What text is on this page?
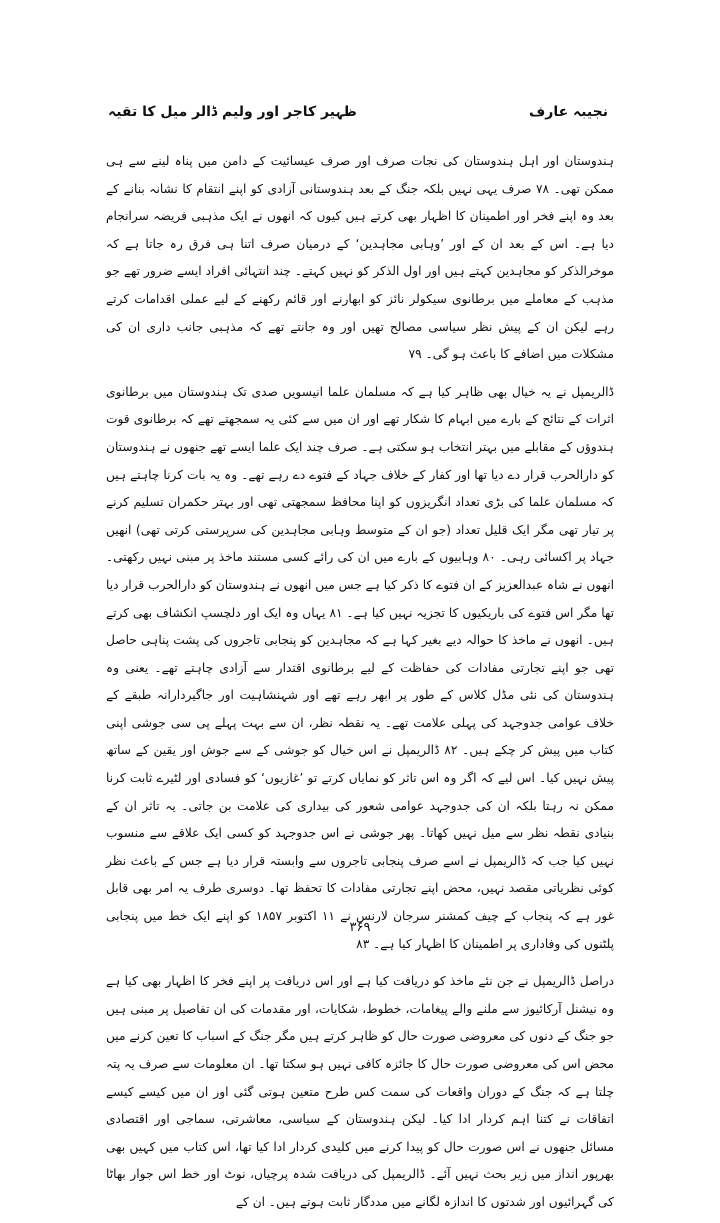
ظہیر کاجر اور ولیم ڈالر میل کا تقیہ	نجیبہ عارف

ہندوستان اور اہل ہندوستان کی نجات صرف اور صرف عیسائیت کے دامن میں پناہ لینے سے ہی ممکن تھی۔ ۷۸ صرف یہی نہیں بلکہ جنگ کے بعد ہندوستانی آزادی کو اپنے انتقام کا نشانہ بنانے کے بعد وہ اپنے فخر اور اطمینان کا اظہار بھی کرتے ہیں کیوں کہ انھوں نے ایک مذہبی فریضہ سرانجام دیا ہے۔ اس کے بعد ان کے اور ’وہابی مجاہدین‘ کے درمیان صرف اتنا ہی فرق رہ جاتا ہے کہ موخرالذکر کو مجاہدین کہتے ہیں اور اول الذکر کو نہیں کہتے۔ چند انتہائی افراد ایسے ضرور تھے جو مذہب کے معاملے میں برطانوی سیکولر نائز کو ابھارنے اور قائم رکھنے کے لیے عملی اقدامات کرتے رہے لیکن ان کے پیش نظر سیاسی مصالح تھیں اور وہ جانتے تھے کہ مذہبی جانب داری ان کی مشکلات میں اضافے کا باعث ہو گی۔ ۷۹

ڈالریمپل نے یہ خیال بھی ظاہر کیا ہے کہ مسلمان علما انیسویں صدی تک ہندوستان میں برطانوی اثرات کے نتائج کے بارے میں ابہام کا شکار تھے اور ان میں سے کئی یہ سمجھتے تھے کہ برطانوی قوت ہندوؤں کے مقابلے میں بہتر انتخاب ہو سکتی ہے۔ صرف چند ایک علما ایسے تھے جنھوں نے ہندوستان کو دارالحرب قرار دے دیا تھا اور کفار کے خلاف جہاد کے فتوے دے رہے تھے۔ وہ یہ بات کرنا چاہتے ہیں کہ مسلمان علما کی بڑی تعداد انگریزوں کو اپنا محافظ سمجھتی تھی اور بہتر حکمران تسلیم کرنے پر تیار تھی مگر ایک قلیل تعداد (جو ان کے متوسط وہابی مجاہدین کی سرپرستی کرتی تھی) انھیں جہاد پر اکسائی رہی۔ ۸۰ وہابیوں کے بارے میں ان کی رائے کسی مستند ماخذ پر مبنی نہیں رکھتی۔ انھوں نے شاہ عبدالعزیز کے ان فتوے کا ذکر کیا ہے جس میں انھوں نے ہندوستان کو دارالحرب قرار دیا تھا مگر اس فتوے کی باریکیوں کا تجزیہ نہیں کیا ہے۔ ۸۱ یہاں وہ ایک اور دلچسپ انکشاف بھی کرتے ہیں۔ انھوں نے ماخذ کا حوالہ دیے بغیر کہا ہے کہ مجاہدین کو پنجابی تاجروں کی پشت پناہی حاصل تھی جو اپنے تجارتی مفادات کی حفاظت کے لیے برطانوی اقتدار سے آزادی چاہتے تھے۔ یعنی وہ ہندوستان کی نئی مڈل کلاس کے طور پر ابھر رہے تھے اور شہنشاہیت اور جاگیردارانہ طبقے کے خلاف عوامی جدوجہد کی پہلی علامت تھے۔ یہ نقطہ نظر، ان سے بہت پہلے پی سی جوشی اپنی کتاب میں پیش کر چکے ہیں۔ ۸۲ ڈالریمپل نے اس خیال کو جوشی کے سے جوش اور یقین کے ساتھ پیش نہیں کیا۔ اس لیے کہ اگر وہ اس تاثر کو نمایاں کرتے تو ’غازیوں‘ کو فسادی اور لٹیرے ثابت کرنا ممکن نہ رہتا بلکہ ان کی جدوجہد عوامی شعور کی بیداری کی علامت بن جاتی۔ یہ تاثر ان کے بنیادی نقطہ نظر سے میل نہیں کھاتا۔ پھر جوشی نے اس جدوجہد کو کسی ایک علاقے سے منسوب نہیں کیا جب کہ ڈالریمپل نے اسے صرف پنجابی تاجروں سے وابستہ قرار دیا ہے جس کے باعث نظر کوئی نظریاتی مقصد نہیں، محض اپنے تجارتی مفادات کا تحفظ تھا۔ دوسری طرف یہ امر بھی قابل غور ہے کہ پنجاب کے چیف کمشنر سرجان لارنس نے ۱۱ اکتوبر ۱۸۵۷ کو اپنے ایک خط میں پنجابی پلٹنوں کی وفاداری پر اطمینان کا اظہار کیا ہے۔ ۸۳

دراصل ڈالریمپل نے جن نئے ماخذ کو دریافت کیا ہے اور اس دریافت پر اپنے فخر کا اظہار بھی کیا ہے وہ نیشنل آرکائیوز سے ملنے والے پیغامات، خطوط، شکایات، اور مقدمات کی ان تفاصیل پر مبنی ہیں جو جنگ کے دنوں کی معروضی صورت حال کو ظاہر کرتے ہیں مگر جنگ کے اسباب کا تعین کرنے میں محض اس کی معروضی صورت حال کا جائزہ کافی نہیں ہو سکتا تھا۔ ان معلومات سے صرف یہ پتہ چلتا ہے کہ جنگ کے دوران واقعات کی سمت کس طرح متعین ہوتی گئی اور ان میں کیسے کیسے اتفاقات نے کتنا اہم کردار ادا کیا۔ لیکن ہندوستان کے سیاسی، معاشرتی، سماجی اور اقتصادی مسائل جنھوں نے اس صورت حال کو پیدا کرنے میں کلیدی کردار ادا کیا تھا، اس کتاب میں کہیں بھی بھرپور انداز میں زیر بحث نہیں آئے۔ ڈالریمپل کی دریافت شدہ پرچیاں، نوٹ اور خط اس جوار بھاٹا کی گہرائیوں اور شدتوں کا اندازہ لگانے میں مددگار ثابت ہوتے ہیں۔ ان کے

۳۶۹
